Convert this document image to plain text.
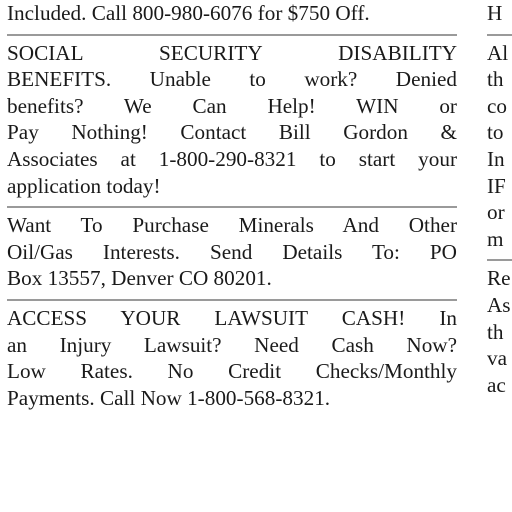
Included. Call 800-980-6076 for $750 Off.
SOCIAL SECURITY DISABILITY
BENEFITS. Unable to work? Denied
benefits? We Can Help! WIN or
Pay Nothing! Contact Bill Gordon &
Associates at 1-800-290-8321 to start your
application today!
Want To Purchase Minerals And Other
Oil/Gas Interests. Send Details To: PO
Box 13557, Denver CO 80201.
ACCESS YOUR LAWSUIT CASH! In
an Injury Lawsuit? Need Cash Now?
Low Rates. No Credit Checks/Monthly
Payments. Call Now 1-800-568-8321.
H
Al
th
co
to
In
IF
or
m
Re
As
th
va
ac
